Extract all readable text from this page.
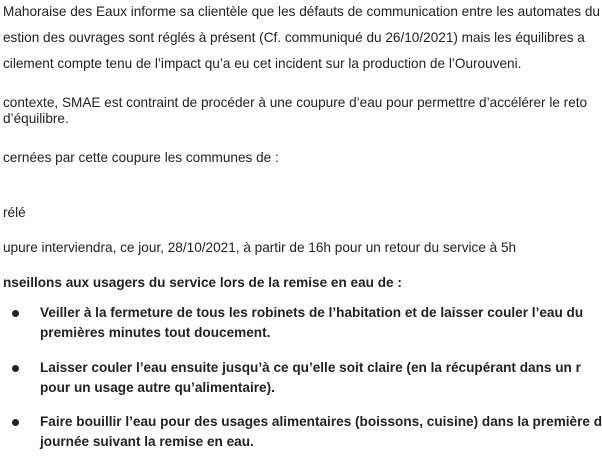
Mahoraise des Eaux informe sa clientèle que les défauts de communication entre les automates du
estion des ouvrages sont réglés à présent (Cf. communiqué du 26/10/2021) mais les équilibres a
cilement compte tenu de l’impact qu’a eu cet incident sur la production de l’Ourouveni.
contexte, SMAE est contraint de procéder à une coupure d’eau pour permettre d’accélérer le reto
d’équilibre.
cernées par cette coupure les communes de :
rélé
upure interviendra, ce jour, 28/10/2021, à partir de 16h pour un retour du service à 5h
nseillons aux usagers du service lors de la remise en eau de :
Veiller à la fermeture de tous les robinets de l’habitation et de laisser couler l’eau du
premières minutes tout doucement.
Laisser couler l’eau ensuite jusqu’à ce qu’elle soit claire (en la récupérant dans un r
pour un usage autre qu’alimentaire).
Faire bouillir l’eau pour des usages alimentaires (boissons, cuisine) dans la première d
journée suivant la remise en eau.
